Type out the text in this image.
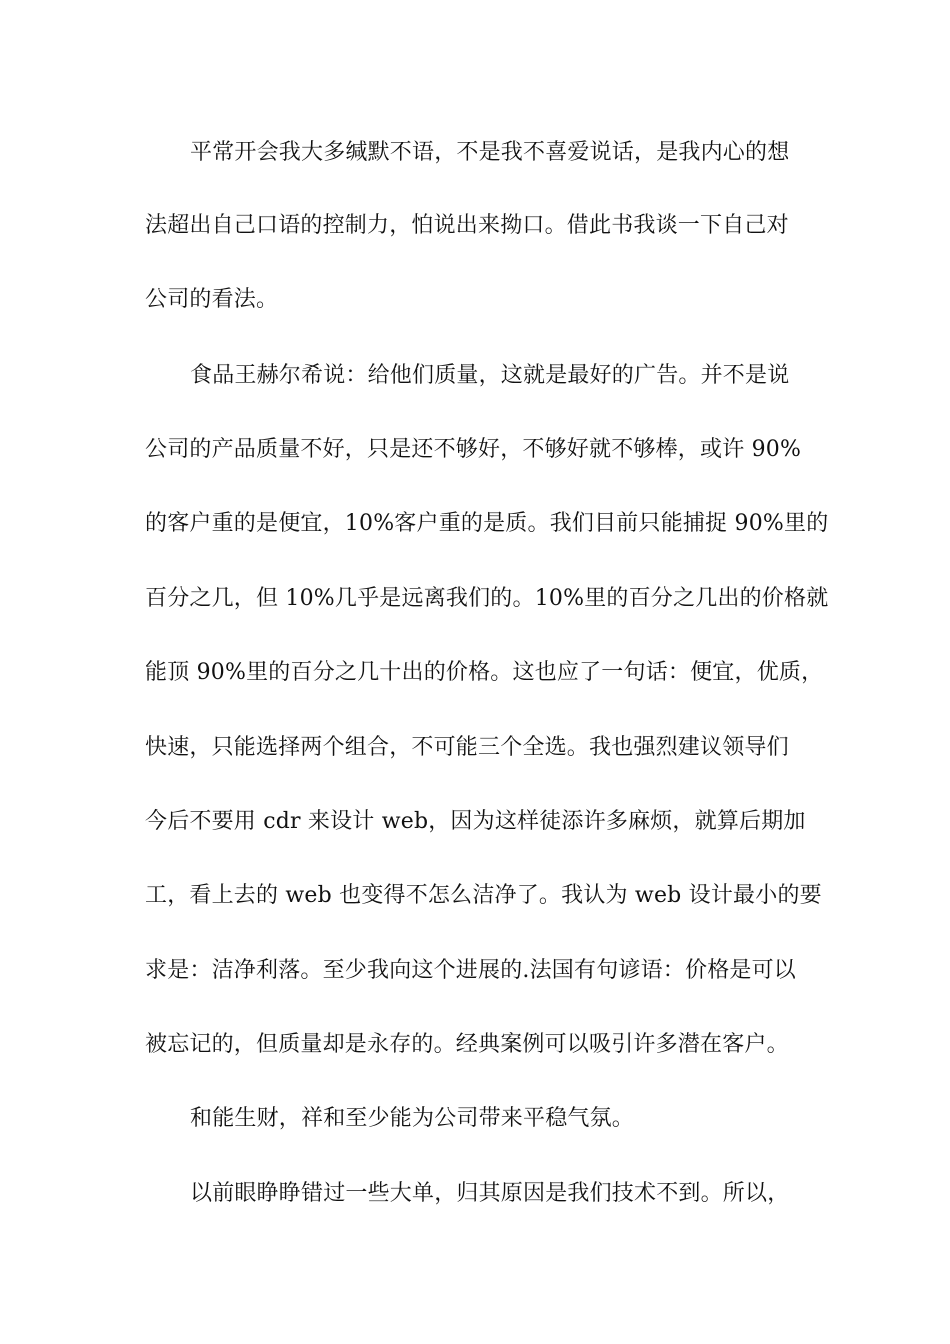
平常开会我大多缄默不语，不是我不喜爱说话，是我内心的想
法超出自己口语的控制力，怕说出来拗口。借此书我谈一下自己对
公司的看法。
食品王赫尔希说：给他们质量，这就是最好的广告。并不是说
公司的产品质量不好，只是还不够好，不够好就不够棒，或许 90%
的客户重的是便宜，10%客户重的是质。我们目前只能捕捉 90%里的
百分之几，但 10%几乎是远离我们的。10%里的百分之几出的价格就
能顶 90%里的百分之几十出的价格。这也应了一句话：便宜，优质，
快速，只能选择两个组合，不可能三个全选。我也强烈建议领导们
今后不要用 cdr 来设计 web，因为这样徒添许多麻烦，就算后期加
工，看上去的 web 也变得不怎么洁净了。我认为 web 设计最小的要
求是：洁净利落。至少我向这个进展的.法国有句谚语：价格是可以
被忘记的，但质量却是永存的。经典案例可以吸引许多潜在客户。
和能生财，祥和至少能为公司带来平稳气氛。
以前眼睁睁错过一些大单，归其原因是我们技术不到。所以，
